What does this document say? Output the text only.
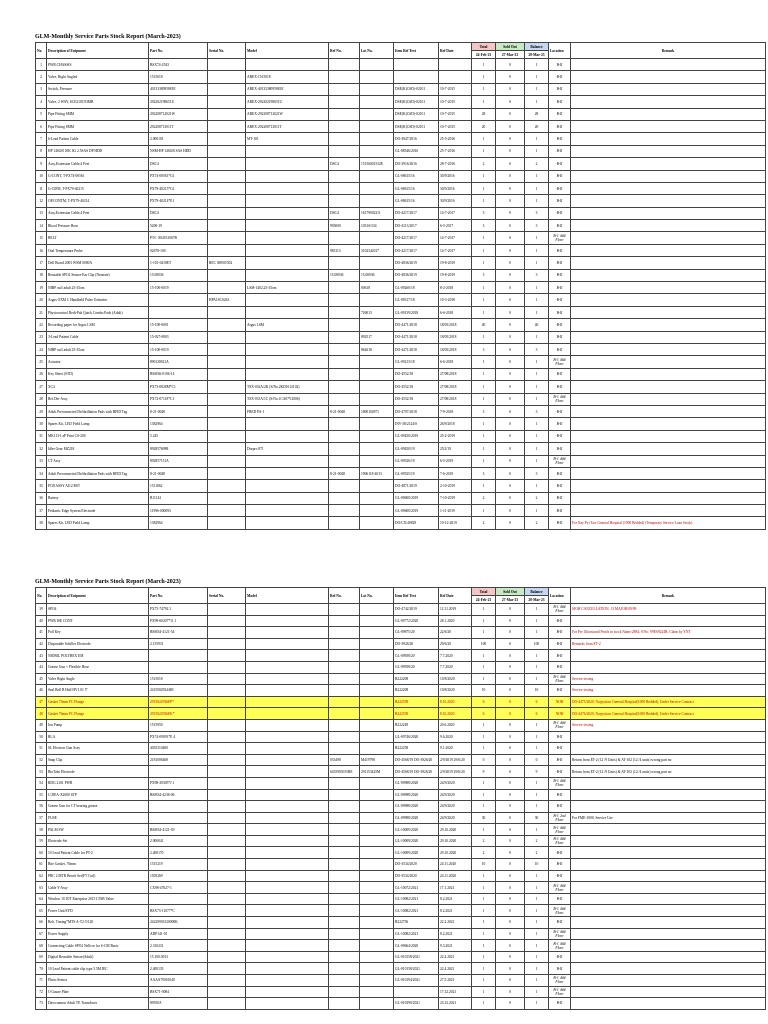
GLM-Monthly Service Parts Stock Report (March-2023)
No.	Description of Enipment	Part No.	Serial No.	Model	Ref No.	Lot No.	Item Ref Text	Ref Date	Total	Sold Out	Balance	Location	Remark
									24-Feb-23	27-Mar-23	28-Mar-23		
1	PWR.CHASSIS	BSX74-2543							1	0	1	B-II	
2	Valve, Right Angled	1515018		ABEX-1515018					1	0	1	B-II	
3	Switch, Pressure	4013338095881E		ABEX-4013338095881E			DSE(K)CSD)-02101	10-7-2015	1	0	1	B-II	
4	Valve, 2 WAY, SCE210C93MB	292202198651U		ABEX-292202198651U			DSE(K)CSD)-02101	10-7-2015	1	0	1	B-II	
5	Pipe Fitting 6MM	292208712021W		ABEX-292208712021W			DSE(K)CSD)-02101	10-7-2015	28	0	28	B-II	
6	Pipe Fitting 8MM	292208713011T		ABEX-292208713011T			DSE(K)CSD)-02101	10-7-2015	20	0	20	B-II	
7	6-Lead Patient Cable	2.00010I		MT-101			DO-3847/2016	25-5-2016	1	0	1	B-II	
8	HP 146GB 10K 6G 2.5SAS DP HDD	NSM-HP 146GB SAS HDD					GL-08546/2016	25-7-2016	1	0	1	B-II	
9	Assy,Extension Cable,4 Feet	DSC4			DSC4	15156001532E	DO-3916/2016	28-7-2016	2	0	2	B-II	
10	G-CONT, T-PX74-00561	PX74-00561*G1					GL-08615/16	30/9/2016	1	0	1	B-II	
11	G-CIFM, T-PX79-40215	PX79-40215*G1					GL-08615/16	30/9/2016	1	0	1	B-II	
12	OP.CONTM, T-PX79-40214	PX79-40214*E1					GL-08615/16	30/9/2016	1	0	1	B-II	
13	Assy,Extension Cable,4 Feet	DSC4			DSC4	16179002311	DO-4217/2017	14-7-2017	3	0	3	B-II	
14	Blood Pressure Hose	5200-19			993000	1031S/334	DO-4113/2017	6-5-2017	3	0	3	B-II	
15	BELT	P/N : 804531067B					DO-4217/2017	14-7-2017	1	0	1	B-J. ### Floor	
16	Oral Temperature Probe	02678-100			983113	3102342017	DO-4217/2017	14-7-2017	1	0	1	B-II	
17	Dell Board 2003 WSM 0000A	1-101-0418ET	REC 06950/502				DO-4836/2019	19-8-2019	1	0	1	B-II	
18	Reusable SPO2 Sensor-Ear Clip (Neonate)	15.00036			15.00036	15.00036	DO-4836/2019	19-8-2019	3	0	3	B-II	
19	NIBP cuff adult 25-35cm	15-100-0019		LSM-1402,25-35cm		00618	GL-09260/18	8-2-2018	1	0	1	B-II	
20	Argus OXM C Handheld Pulse Oximeter		HPA1SC0263				GL-09317/18	10-3-2018	1	0	1	B-II	
21	Physiocontrol Redi-Pak Quick Combo Pads (Adult)					726013	GL-09139/2018	6-6-2018	1	0	1	B-II	
22	Recording paper for Argus LSM	15-100-0001		Argus LSM			DO-4471/2018	18/05/2018	40	0	40	B-II	
23	3-Lead Patient Cable	15-027-0803				892517	DO-4471/2018	18/05/2018	1	0	1	B-II	
24	NIBP cuff adult 25-35cm	15-100-0019				862618	DO-4471/2018	18/05/2018	3	0	3	B-II	
25	Actuator	890128021A					GL-09213/18	6-6-2018	1	0	1	B-J. ### Floor	
26	Key Sheet (STD)	BSM36-0106-14					DO-4552/18	27/08/2018	1	0	1	B-II	
27	XC4	PX73-0828M*C1		TSX-032A/2K (S/No.2KD1612102)			DO-4552/18	27/08/2018	1	0	1	B-II	
28	Ref.Det-Assy	PX72-07118*C1		TSX-031A/1C (S/No.1CA07Y2006)			DO-4552/18	27/08/2018	1	0	1	B-J. ### Floor	
29	Adult Preconnected Defibrillation Pads with RFID Tag	8-21-0048		FRED PA-1	8-21-0048	1800104971	DO-4707/2018	7-9-2018	3	0	3	B-II	
30	Spares Kit, LED Field Lamp	1382964					INV-38/2124/S	26/9/2018	1	0	1	B-II	
31	MK113-I aP Print CS-200	5.245					GL-09450/2019	25-2-2019	1	0	1	B-II	
32	Idler Gear MZ218	892857609R		Dorpro 871			GL-09450/19	25/2/19	1	0	1	B-II	
33	CT Assy	892857151A					GL-09526/19	6-5-2019	1	0	1	B-J. ### Floor	
34	Adult Preconnected Defibrillation Pads with RFID Tag	8-21-0048			8-21-0048	1906118-4013	GL-09535/19	7-6-2019	3	0	3	B-II	
35	PCB ASSY AI12 RST	1511862					DO-4871/2019	2-10-2019	1	0	1	B-II	
36	Battery	B11142					GL-09600/2019	7-10-2019	2	0	2	B-II	
37	Pediatric Edge System Electrode	11996-000093					GL-09600/2019	1-11-2019	1	0	1	B-II	
38	Spares Kit, LED Field Lamp	1382964					DO/CX/40829	10-12-2019	2	0	2	B-II	For Nay Pyi Taw General Hospital (1000 Bedded) (Temporary Service Loan Stock)
GLM-Monthly Service Parts Stock Report (March-2023)
No.	Description of Enipment	Part No.	Serial No.	Model	Ref No.	Lot No.	Item Ref Text	Ref Date	Total	Sold Out	Balance	Location	Remark
									24-Feb-23	27-Mar-23	28-Mar-23		
39	SPO4	PX75-74792.1					DO-4742/2019	12.11.2019	1	0	1	B-J. ### Floor	SIGH CANCELLATION. 13.MAJOR/09/09
40	PWR ISE CONT	PX99-60207*11 1					GL-09772/2020	28.1.2020	1	0	1	B-II	
41	Poll Key	BSM34-4121-54					GL-09875/20	22/6/20	1	0	1	B-II	For Pre Ultrasound Pearls in stock Name:2884, S/No. 99ES9224B, Claim by YNT
42	Disposable Schiller Electrode	2.155931					DO-3926/20	29/6/20	100	0	100	B-II	Remarks from ET-2
43	NIOBIL POLYREX EM						GL-09958/20	7.7.2020	1	0	1	B-II	
44	Grease Gun + Flexible Hose						GL-09958/20	7.7.2020	1	0	1	B-II	
45	Valve Right Angle	1515018					B222208	10/8/2020	1	0	1	B-J. ### Floor	Service testing
46	Seal Bell B Hall HV1.01 5"	2415002934480					B222208	10/8/2020	10	0	10	B-II	Service testing
47	Gasket 75mm FC Flange	2915022936EP*					B222558	8.10.2020	6	0	6	NOH	DO-4475/2020, Naypyitaw General Hospital(1000 Bedded), Under Service Contract
48	Gasket 76mm FC Flange	2915022936EK*					B222558	8.10.2020	6	0	6	NOH	DO-4476/2020, Naypyitaw General Hospital(1000 Bedded), Under Service Contract
49	Ion Pump	1515950					B222249	20.6.2020	1	0	1	B-J. ### Floor	Service testing
50	RLA	PX74-09091*E 4					GL-09746/2020	9.6.2020	1	0	1	B-II	
51	SL Electron Gun Assy	4035310400					B222258	9.1.2020	1	0	1	B-II	
52	Snap Clip	2181006468			033498	M419798	DO-4568/19 DO-3926/20	2/9/2019 29/6/20	0	0	0	B-II	Return from ET-2 (12 /9 Units) & AT-102 (12 /4 units) wrong part no
53	BioTabs Electrode				6455903015RE	291153425M	DO-4568/19 DO-3926/20	2/9/2019 29/6/20	9	0	9	B-II	Return from ET-2 (12 /9 Units) & AT-102 (12 /4 units) wrong part no
54	RDG 2101 PWR	PX98-29305*J 1					GL-09988/2020	24/9/2020	1	0	1	B-J. ### Floor	
55	U.DEA-X2000 STP	BSM34-4236-06					GL-09988/2020	24/9/2020	1	0	1	B-II	
56	Grease Gun for CT bearing grease						GL-09988/2020	24/9/2020	1	0	1	B-II	
57	FUSE						GL-09988/2020	24/9/2020	30	0	30	B-J. 2nd Floor	For FME-1000, Service Use
58	PALM SW	BSM34-4121-39					GL-10009/2020	29.10.2020	1	0	1	B-J. ### Floor	
59	Electrode Set	2.000041					GL-10009/2020	29.10.2020	2	0	2	B-J. ### Floor	
60	10 Lead Patient Cable for PT-2	2.400170					GL-10009/2020	29.10.2020	2	0	2	B-II	
61	Bite Gasket, 76mm	1515219					DO-3534/2020	24.11.2020	10	0	10	B-II	
62	PRC 2 MTR Bench Set(FT Coil)	1505269					DO-3534/2020	24.11.2020	1	0	1	B-II	
63	Cable Y-Assy	CX98-47627-1					GL-10072/2021	17.1.2021	1	0	1	B-J. ### Floor	
64	Window 10 IOT Enterprise 2015 LTSB Value						GL-10082/2021	8.2.2021	1	0	1	B-II	
65	Power Unit/SYD	BSX73-11077*C					GL-10082/2021	8.2.2021	1	0	1	B-J. ### Floor	
66	Belt, Timing*MTS A-T2-5/120	24220930120000K					B222756	22.2.2021	1	0	1	B-II	
67	Power Supply	ADP141-01					GL-10082/2021	8.2.2021	1	0	1	B-J. ### Floor	
68	Connecting Cable SPO2 Nellcor for S-CM Basic	2.310231					GL-09664/2020	9.3.2021	1	0	1	B-J. ### Floor	
69	Digital Reusable Sensor(Adult)	15.100.0013					GL-010158/2021	22.4.2021	1	0	1	B-II	
70	10 Lead Patient cable clip type 3.5M IEC	2.400135					GL-010158/2021	22.4.2021	1	0	1	B-II	
71	Photo Sensor	AAAA79001040					GL-010194/2021	27.5.2021	1	0	1	B-J. ### Floor	
72	O Gauze Plate	BSX71-0084						17.12.2021	1	0	1	B-J. ### Floor	
73	Dasccumour Adult TE Transducer	89550A					GL-010390/2021	23.12.2021	1	0	1	B-II	
